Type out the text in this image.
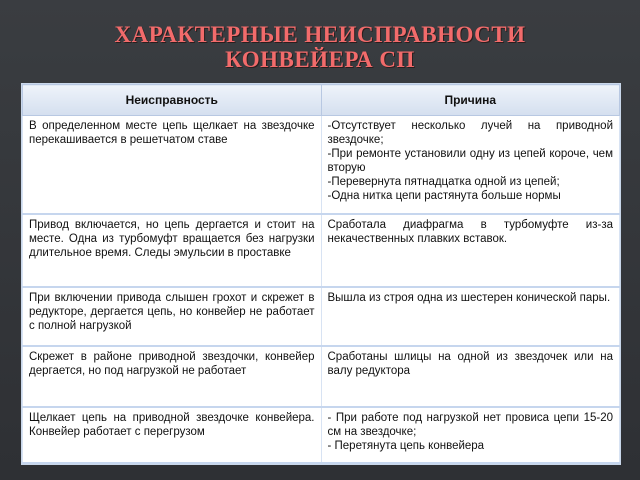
ХАРАКТЕРНЫЕ НЕИСПРАВНОСТИ
КОНВЕЙЕРА СП
Неисправность	Причина
В определенном месте цепь щелкает на звездочке перекашивается в решетчатом ставе	-Отсутствует несколько лучей на приводной звездочке;
-При ремонте установили одну из цепей короче, чем вторую
-Перевернута пятнадцатка одной из цепей;
-Одна нитка цепи растянута больше нормы

Привод включается, но цепь дергается и стоит на месте. Одна из турбомуфт вращается без нагрузки длительное время. Следы эмульсии в проставке	Сработала диафрагма в турбомуфте из-за некачественных плавких вставок.

При включении привода слышен грохот и скрежет в редукторе, дергается цепь, но конвейер не работает с полной нагрузкой	Вышла из строя одна из шестерен конической пары.

Скрежет в районе приводной звездочки, конвейер дергается, но под нагрузкой не работает	Сработаны шлицы на одной из звездочек или на валу редуктора

Щелкает цепь на приводной звездочке конвейера. Конвейер работает с перегрузом	- При работе под нагрузкой нет провиса цепи 15-20 см на звездочке;
- Перетянута цепь конвейера
